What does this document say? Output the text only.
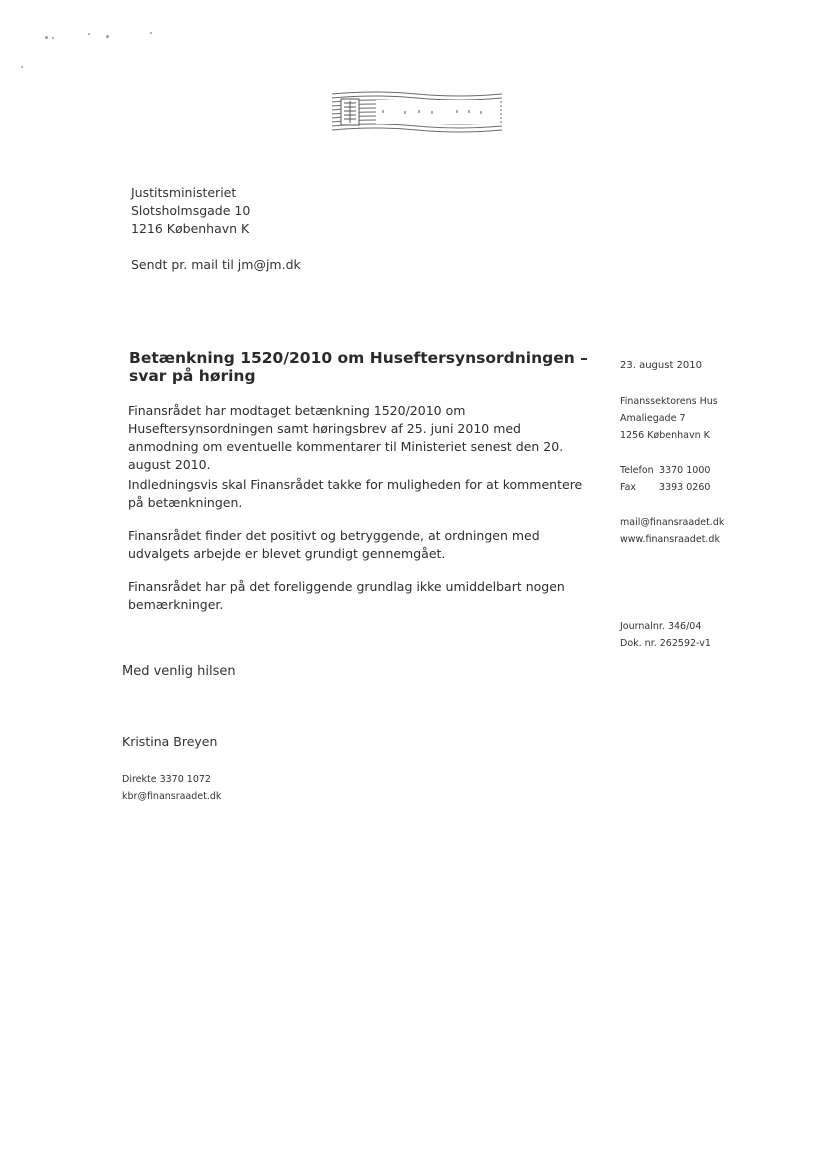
Justitsministeriet
Slotsholmsgade 10
1216 København K
Sendt pr. mail til jm@jm.dk
Betænkning 1520/2010 om Huseftersynsordningen – svar på høring
Finansrådet har modtaget betænkning 1520/2010 om Huseftersynsordningen samt høringsbrev af 25. juni 2010 med anmodning om eventuelle kommentarer til Ministeriet senest den 20. august 2010.
Indledningsvis skal Finansrådet takke for muligheden for at kommentere på betænkningen.
Finansrådet finder det positivt og betryggende, at ordningen med udvalgets arbejde er blevet grundigt gennemgået.
Finansrådet har på det foreliggende grundlag ikke umiddelbart nogen bemærkninger.
Med venlig hilsen
Kristina Breyen
Direkte 3370 1072
kbr@finansraadet.dk
23. august 2010
Finanssektorens Hus
Amaliegade 7
1256 København K
Telefon 3370 1000
Fax 3393 0260
mail@finansraadet.dk
www.finansraadet.dk
Journalnr. 346/04
Dok. nr. 262592-v1
